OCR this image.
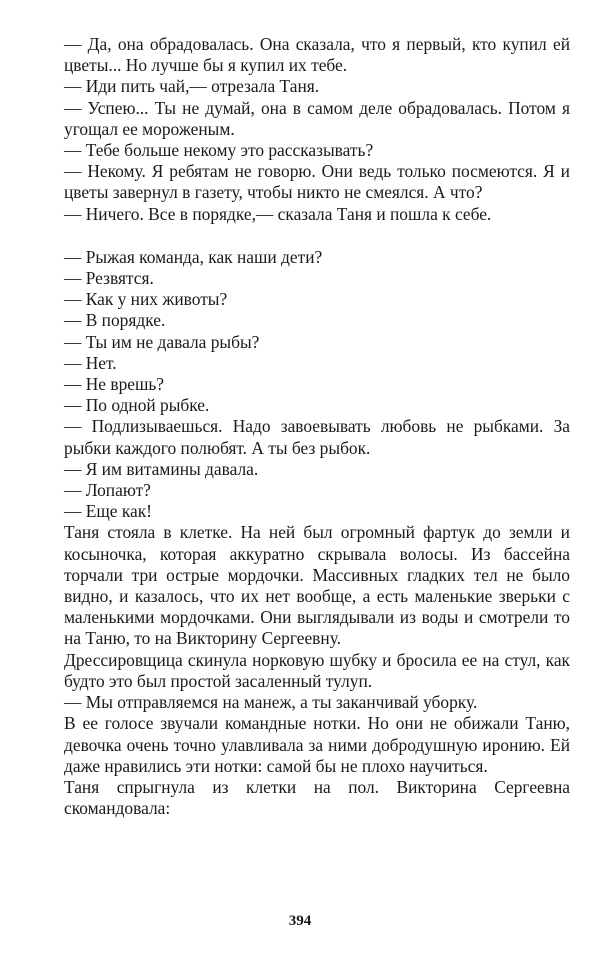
— Да, она обрадовалась. Она сказала, что я первый, кто купил ей цветы... Но лучше бы я купил их тебе.

— Иди пить чай,— отрезала Таня.

— Успею... Ты не думай, она в самом деле обрадовалась. Потом я угощал ее мороженым.

— Тебе больше некому это рассказывать?

— Некому. Я ребятам не говорю. Они ведь только посмеются. Я и цветы завернул в газету, чтобы никто не смеялся. А что?

— Ничего. Все в порядке,— сказала Таня и пошла к себе.

— Рыжая команда, как наши дети?

— Резвятся.

— Как у них животы?

— В порядке.

— Ты им не давала рыбы?

— Нет.

— Не врешь?

— По одной рыбке.

— Подлизываешься. Надо завоевывать любовь не рыбками. За рыбки каждого полюбят. А ты без рыбок.

— Я им витамины давала.

— Лопают?

— Еще как!

Таня стояла в клетке. На ней был огромный фартук до земли и косыночка, которая аккуратно скрывала волосы. Из бассейна торчали три острые мордочки. Массивных гладких тел не было видно, и казалось, что их нет вообще, а есть маленькие зверьки с маленькими мордочками. Они выглядывали из воды и смотрели то на Таню, то на Викторину Сергеевну.

Дрессировщица скинула норковую шубку и бросила ее на стул, как будто это был простой засаленный тулуп.

— Мы отправляемся на манеж, а ты заканчивай уборку.

В ее голосе звучали командные нотки. Но они не обижали Таню, девочка очень точно улавливала за ними добродушную иронию. Ей даже нравились эти нотки: самой бы не плохо научиться.

Таня спрыгнула из клетки на пол. Викторина Сергеевна скомандовала:

394
